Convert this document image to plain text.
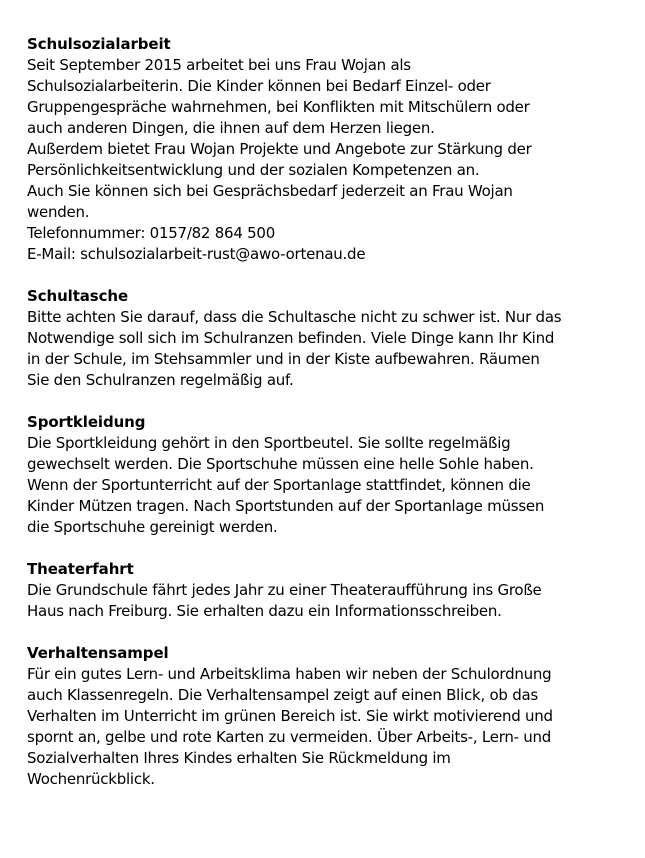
Schulsozialarbeit

Seit September 2015 arbeitet bei uns Frau Wojan als

Schulsozialarbeiterin. Die Kinder können bei Bedarf Einzel- oder

Gruppengespräche wahrnehmen, bei Konflikten mit Mitschülern oder

auch anderen Dingen, die ihnen auf dem Herzen liegen.

Außerdem bietet Frau Wojan Projekte und Angebote zur Stärkung der

Persönlichkeitsentwicklung und der sozialen Kompetenzen an.

Auch Sie können sich bei Gesprächsbedarf jederzeit an Frau Wojan

wenden.

Telefonnummer: 0157/82 864 500

E-Mail: schulsozialarbeit-rust@awo-ortenau.de

Schultasche

Bitte achten Sie darauf, dass die Schultasche nicht zu schwer ist. Nur das

Notwendige soll sich im Schulranzen befinden. Viele Dinge kann Ihr Kind

in der Schule, im Stehsammler und in der Kiste aufbewahren. Räumen

Sie den Schulranzen regelmäßig auf.

Sportkleidung

Die Sportkleidung gehört in den Sportbeutel. Sie sollte regelmäßig

gewechselt werden. Die Sportschuhe müssen eine helle Sohle haben.

Wenn der Sportunterricht auf der Sportanlage stattfindet, können die

Kinder Mützen tragen. Nach Sportstunden auf der Sportanlage müssen

die Sportschuhe gereinigt werden.

Theaterfahrt

Die Grundschule fährt jedes Jahr zu einer Theateraufführung ins Große

Haus nach Freiburg. Sie erhalten dazu ein Informationsschreiben.

Verhaltensampel

Für ein gutes Lern- und Arbeitsklima haben wir neben der Schulordnung

auch Klassenregeln. Die Verhaltensampel zeigt auf einen Blick, ob das

Verhalten im Unterricht im grünen Bereich ist. Sie wirkt motivierend und

spornt an, gelbe und rote Karten zu vermeiden. Über Arbeits-, Lern- und

Sozialverhalten Ihres Kindes erhalten Sie Rückmeldung im

Wochenrückblick.
